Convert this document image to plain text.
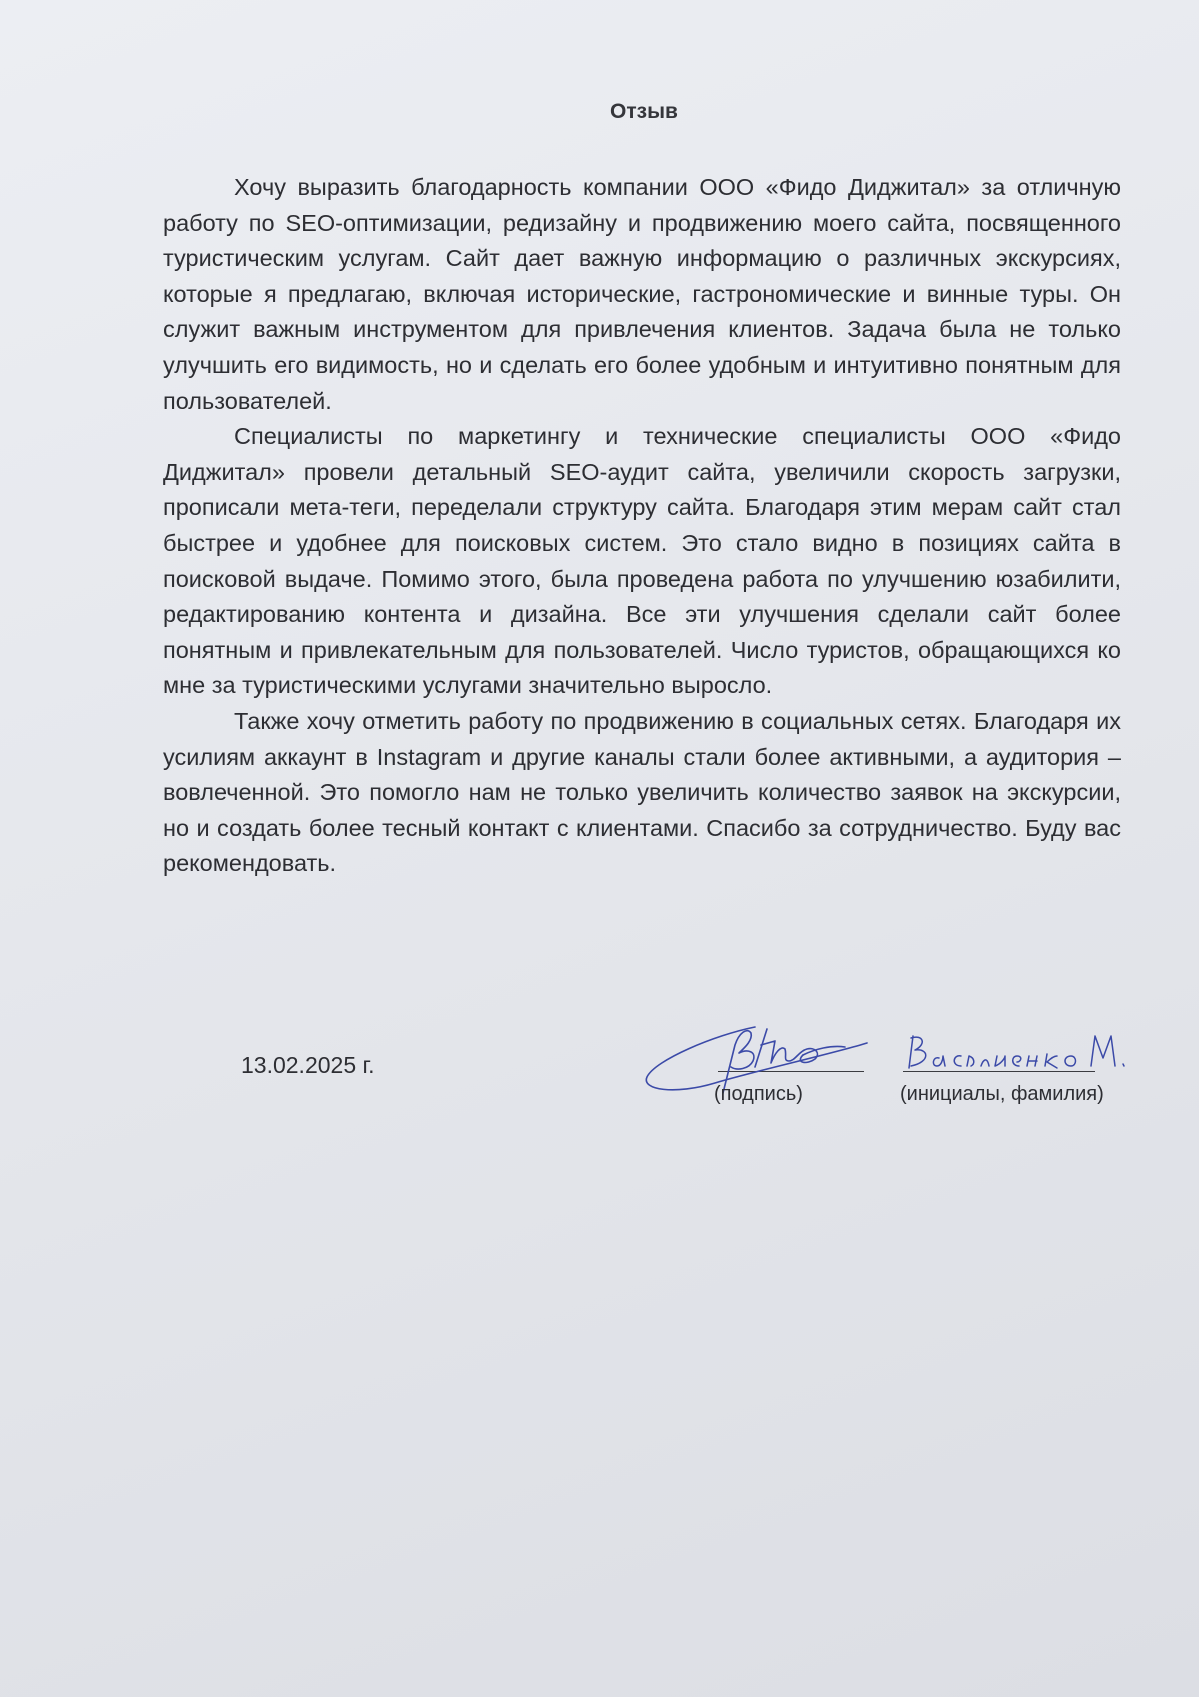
Отзыв

Хочу выразить благодарность компании ООО «Фидо Диджитал» за отличную работу по SEO-оптимизации, редизайну и продвижению моего сайта, посвященного туристическим услугам. Сайт дает важную информацию о различных экскурсиях, которые я предлагаю, включая исторические, гастрономические и винные туры. Он служит важным инструментом для привлечения клиентов. Задача была не только улучшить его видимость, но и сделать его более удобным и интуитивно понятным для пользователей.

Специалисты по маркетингу и технические специалисты ООО «Фидо Диджитал» провели детальный SEO-аудит сайта, увеличили скорость загрузки, прописали мета-теги, переделали структуру сайта. Благодаря этим мерам сайт стал быстрее и удобнее для поисковых систем. Это стало видно в позициях сайта в поисковой выдаче. Помимо этого, была проведена работа по улучшению юзабилити, редактированию контента и дизайна. Все эти улучшения сделали сайт более понятным и привлекательным для пользователей. Число туристов, обращающихся ко мне за туристическими услугами значительно выросло.

Также хочу отметить работу по продвижению в социальных сетях. Благодаря их усилиям аккаунт в Instagram и другие каналы стали более активными, а аудитория – вовлеченной. Это помогло нам не только увеличить количество заявок на экскурсии, но и создать более тесный контакт с клиентами. Спасибо за сотрудничество. Буду вас рекомендовать.

13.02.2025 г.
(подпись)	(инициалы, фамилия)
